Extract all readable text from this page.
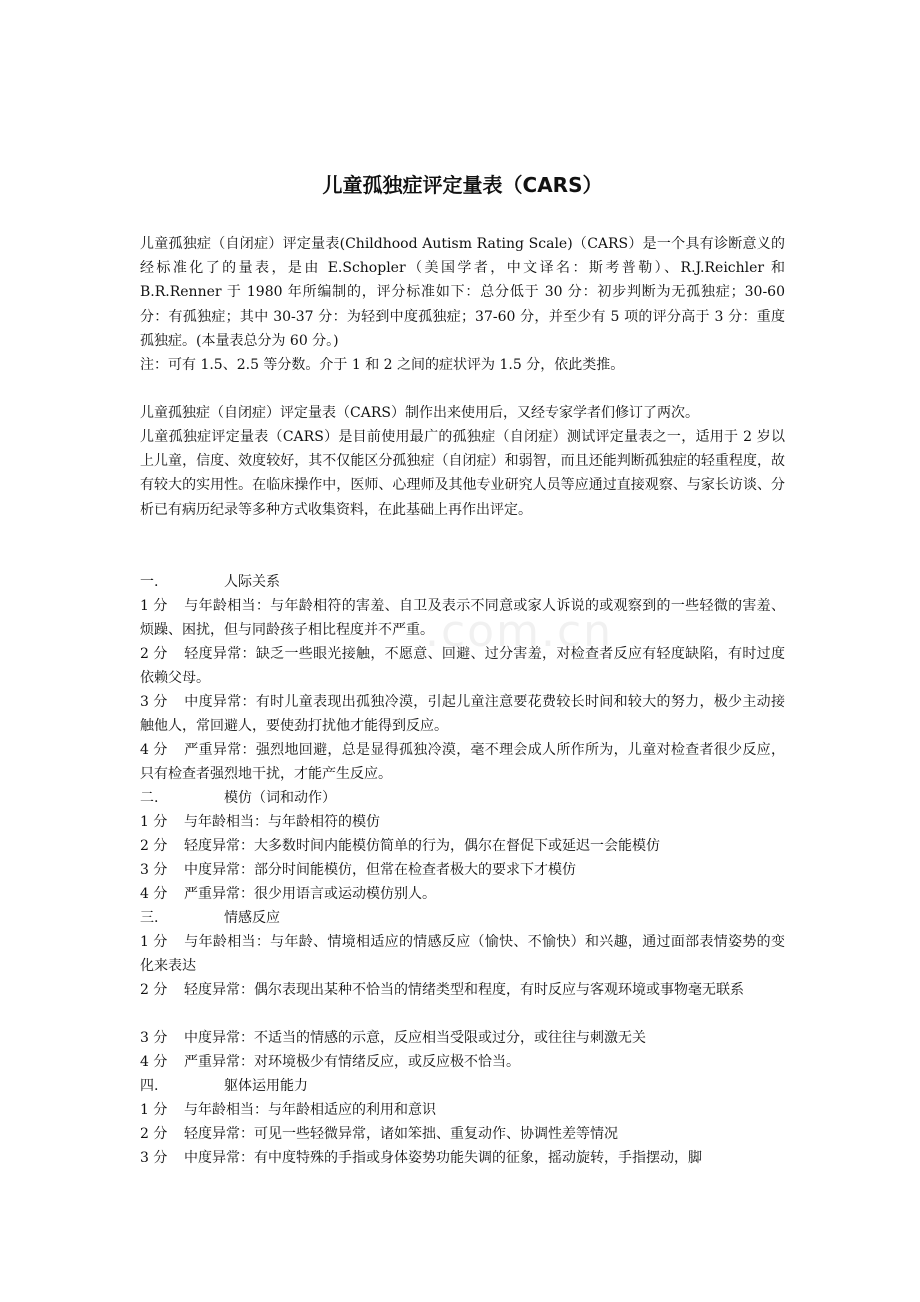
.com.cn
儿童孤独症评定量表（CARS）

儿童孤独症（自闭症）评定量表(Childhood Autism Rating Scale)（CARS）是一个具有诊断意义的经标准化了的量表，是由 E.Schopler（美国学者，中文译名：斯考普勒）、R.J.Reichler 和 B.R.Renner 于 1980 年所编制的，评分标准如下：总分低于 30 分：初步判断为无孤独症；30-60 分：有孤独症；其中 30-37 分：为轻到中度孤独症；37-60 分，并至少有 5 项的评分高于 3 分：重度孤独症。(本量表总分为 60 分。)

注：可有 1.5、2.5 等分数。介于 1 和 2 之间的症状评为 1.5 分，依此类推。

儿童孤独症（自闭症）评定量表（CARS）制作出来使用后，又经专家学者们修订了两次。

儿童孤独症评定量表（CARS）是目前使用最广的孤独症（自闭症）测试评定量表之一，适用于 2 岁以上儿童，信度、效度较好，其不仅能区分孤独症（自闭症）和弱智，而且还能判断孤独症的轻重程度，故有较大的实用性。在临床操作中，医师、心理师及其他专业研究人员等应通过直接观察、与家长访谈、分析已有病历纪录等多种方式收集资料，在此基础上再作出评定。

一.	人际关系

1 分 与年龄相当：与年龄相符的害羞、自卫及表示不同意或家人诉说的或观察到的一些轻微的害羞、烦躁、困扰，但与同龄孩子相比程度并不严重。

2 分 轻度异常：缺乏一些眼光接触，不愿意、回避、过分害羞，对检查者反应有轻度缺陷，有时过度依赖父母。

3 分 中度异常：有时儿童表现出孤独冷漠，引起儿童注意要花费较长时间和较大的努力，极少主动接触他人，常回避人，要使劲打扰他才能得到反应。

4 分 严重异常：强烈地回避，总是显得孤独冷漠，毫不理会成人所作所为，儿童对检查者很少反应，只有检查者强烈地干扰，才能产生反应。

二.	模仿（词和动作）

1 分 与年龄相当：与年龄相符的模仿

2 分 轻度异常：大多数时间内能模仿简单的行为，偶尔在督促下或延迟一会能模仿

3 分 中度异常：部分时间能模仿，但常在检查者极大的要求下才模仿

4 分 严重异常：很少用语言或运动模仿别人。

三.	情感反应

1 分 与年龄相当：与年龄、情境相适应的情感反应（愉快、不愉快）和兴趣，通过面部表情姿势的变化来表达

2 分 轻度异常：偶尔表现出某种不恰当的情绪类型和程度，有时反应与客观环境或事物毫无联系

3 分 中度异常：不适当的情感的示意，反应相当受限或过分，或往往与刺激无关

4 分 严重异常：对环境极少有情绪反应，或反应极不恰当。

四.	躯体运用能力

1 分 与年龄相当：与年龄相适应的利用和意识

2 分 轻度异常：可见一些轻微异常，诸如笨拙、重复动作、协调性差等情况

3 分 中度异常：有中度特殊的手指或身体姿势功能失调的征象，摇动旋转，手指摆动，脚
